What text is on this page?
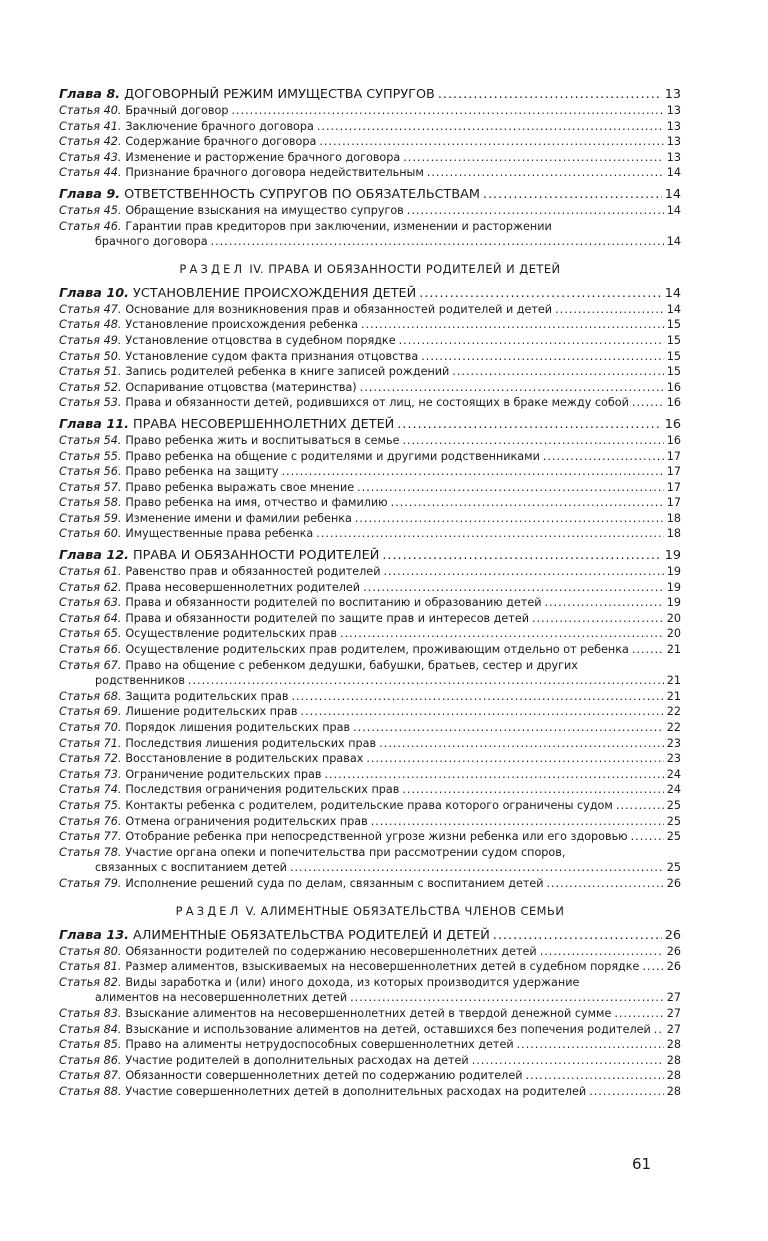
Глава 8. ДОГОВОРНЫЙ РЕЖИМ ИМУЩЕСТВА СУПРУГОВ .....	13
Статья 40. Брачный договор .....	13
Статья 41. Заключение брачного договора .....	13
Статья 42. Содержание брачного договора .....	13
Статья 43. Изменение и расторжение брачного договора .....	13
Статья 44. Признание брачного договора недействительным .....	14
Глава 9. ОТВЕТСТВЕННОСТЬ СУПРУГОВ ПО ОБЯЗАТЕЛЬСТВАМ .....	14
Статья 45. Обращение взыскания на имущество супругов .....	14
Статья 46. Гарантии прав кредиторов при заключении, изменении и расторжении
брачного договора .....	14
РАЗДЕЛ IV. ПРАВА И ОБЯЗАННОСТИ РОДИТЕЛЕЙ И ДЕТЕЙ
Глава 10. УСТАНОВЛЕНИЕ ПРОИСХОЖДЕНИЯ ДЕТЕЙ .....	14
Статья 47. Основание для возникновения прав и обязанностей родителей и детей .....	14
Статья 48. Установление происхождения ребенка .....	15
Статья 49. Установление отцовства в судебном порядке .....	15
Статья 50. Установление судом факта признания отцовства .....	15
Статья 51. Запись родителей ребенка в книге записей рождений .....	15
Статья 52. Оспаривание отцовства (материнства) .....	16
Статья 53. Права и обязанности детей, родившихся от лиц, не состоящих в браке между собой .....	16
Глава 11. ПРАВА НЕСОВЕРШЕННОЛЕТНИХ ДЕТЕЙ .....	16
Статья 54. Право ребенка жить и воспитываться в семье .....	16
Статья 55. Право ребенка на общение с родителями и другими родственниками .....	17
Статья 56. Право ребенка на защиту .....	17
Статья 57. Право ребенка выражать свое мнение .....	17
Статья 58. Право ребенка на имя, отчество и фамилию .....	17
Статья 59. Изменение имени и фамилии ребенка .....	18
Статья 60. Имущественные права ребенка .....	18
Глава 12. ПРАВА И ОБЯЗАННОСТИ РОДИТЕЛЕЙ .....	19
Статья 61. Равенство прав и обязанностей родителей .....	19
Статья 62. Права несовершеннолетних родителей .....	19
Статья 63. Права и обязанности родителей по воспитанию и образованию детей .....	19
Статья 64. Права и обязанности родителей по защите прав и интересов детей .....	20
Статья 65. Осуществление родительских прав .....	20
Статья 66. Осуществление родительских прав родителем, проживающим отдельно от ребенка .....	21
Статья 67. Право на общение с ребенком дедушки, бабушки, братьев, сестер и других
родственников .....	21
Статья 68. Защита родительских прав .....	21
Статья 69. Лишение родительских прав .....	22
Статья 70. Порядок лишения родительских прав .....	22
Статья 71. Последствия лишения родительских прав .....	23
Статья 72. Восстановление в родительских правах .....	23
Статья 73. Ограничение родительских прав .....	24
Статья 74. Последствия ограничения родительских прав .....	24
Статья 75. Контакты ребенка с родителем, родительские права которого ограничены судом .....	25
Статья 76. Отмена ограничения родительских прав .....	25
Статья 77. Отобрание ребенка при непосредственной угрозе жизни ребенка или его здоровью .....	25
Статья 78. Участие органа опеки и попечительства при рассмотрении судом споров,
связанных с воспитанием детей .....	25
Статья 79. Исполнение решений суда по делам, связанным с воспитанием детей .....	26
РАЗДЕЛ V. АЛИМЕНТНЫЕ ОБЯЗАТЕЛЬСТВА ЧЛЕНОВ СЕМЬИ
Глава 13. АЛИМЕНТНЫЕ ОБЯЗАТЕЛЬСТВА РОДИТЕЛЕЙ И ДЕТЕЙ .....	26
Статья 80. Обязанности родителей по содержанию несовершеннолетних детей .....	26
Статья 81. Размер алиментов, взыскиваемых на несовершеннолетних детей в судебном порядке ..... 26
Статья 82. Виды заработка и (или) иного дохода, из которых производится удержание
алиментов на несовершеннолетних детей .....	27
Статья 83. Взыскание алиментов на несовершеннолетних детей в твердой денежной сумме .....	27
Статья 84. Взыскание и использование алиментов на детей, оставшихся без попечения родителей ..... 27
Статья 85. Право на алименты нетрудоспособных совершеннолетних детей .....	28
Статья 86. Участие родителей в дополнительных расходах на детей .....	28
Статья 87. Обязанности совершеннолетних детей по содержанию родителей .....	28
Статья 88. Участие совершеннолетних детей в дополнительных расходах на родителей .....	28
61
